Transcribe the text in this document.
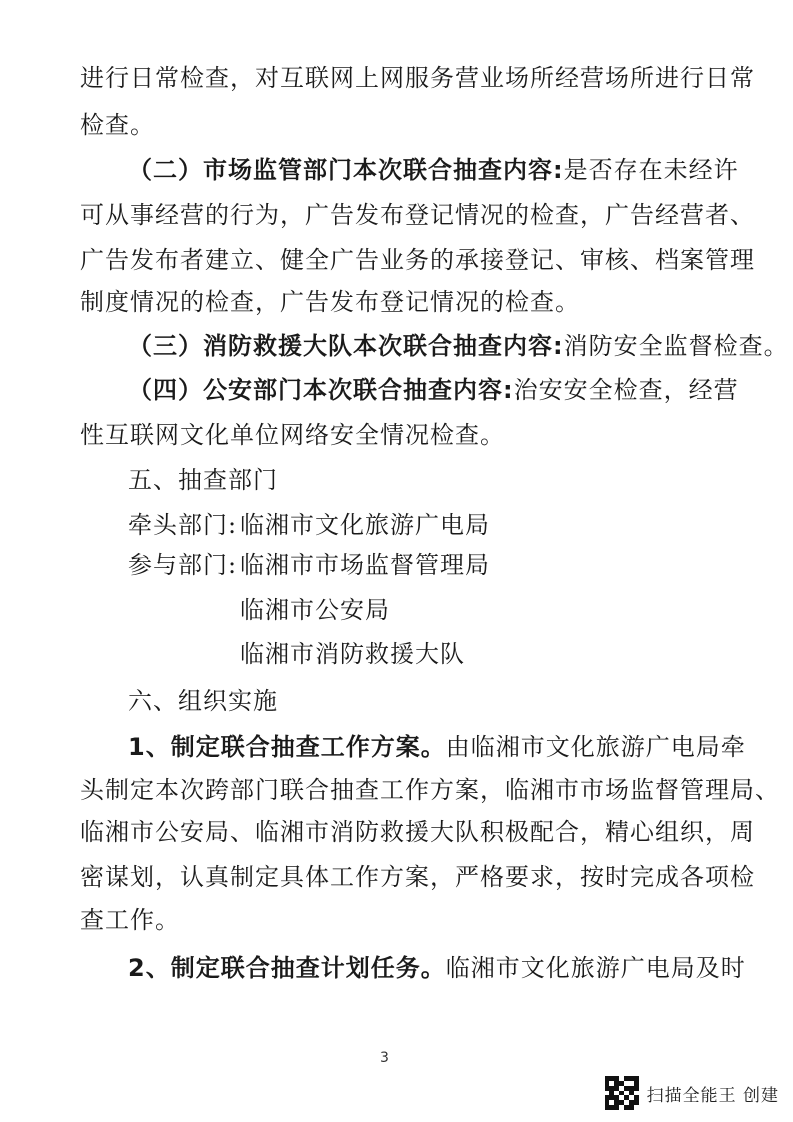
进行日常检查，对互联网上网服务营业场所经营场所进行日常
检查。
（二）市场监管部门本次联合抽查内容:是否存在未经许
可从事经营的行为，广告发布登记情况的检查，广告经营者、
广告发布者建立、健全广告业务的承接登记、审核、档案管理
制度情况的检查，广告发布登记情况的检查。
（三）消防救援大队本次联合抽查内容:消防安全监督检查。
（四）公安部门本次联合抽查内容:治安安全检查，经营
性互联网文化单位网络安全情况检查。
五、抽查部门
牵头部门: 临湘市文化旅游广电局
参与部门: 临湘市市场监督管理局
临湘市公安局
临湘市消防救援大队
六、组织实施
1、制定联合抽查工作方案。由临湘市文化旅游广电局牵
头制定本次跨部门联合抽查工作方案，临湘市市场监督管理局、
临湘市公安局、临湘市消防救援大队积极配合，精心组织，周
密谋划，认真制定具体工作方案，严格要求，按时完成各项检
查工作。
2、制定联合抽查计划任务。临湘市文化旅游广电局及时
3
扫描全能王 创建
